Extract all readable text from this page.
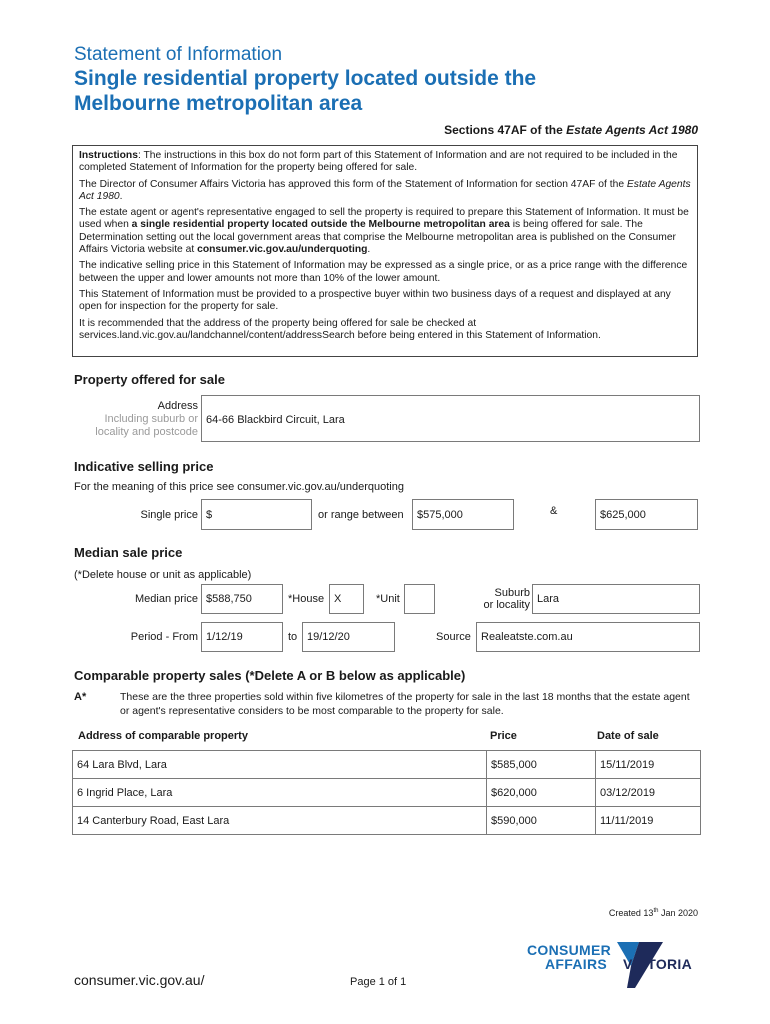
Statement of Information
Single residential property located outside the
Melbourne metropolitan area
Sections 47AF of the Estate Agents Act 1980

Instructions: The instructions in this box do not form part of this Statement of Information and are not required to be included in the completed Statement of Information for the property being offered for sale.

The Director of Consumer Affairs Victoria has approved this form of the Statement of Information for section 47AF of the Estate Agents Act 1980.

The estate agent or agent's representative engaged to sell the property is required to prepare this Statement of Information. It must be used when a single residential property located outside the Melbourne metropolitan area is being offered for sale. The Determination setting out the local government areas that comprise the Melbourne metropolitan area is published on the Consumer Affairs Victoria website at consumer.vic.gov.au/underquoting.

The indicative selling price in this Statement of Information may be expressed as a single price, or as a price range with the difference between the upper and lower amounts not more than 10% of the lower amount.

This Statement of Information must be provided to a prospective buyer within two business days of a request and displayed at any open for inspection for the property for sale.

It is recommended that the address of the property being offered for sale be checked at services.land.vic.gov.au/landchannel/content/addressSearch before being entered in this Statement of Information.

Property offered for sale
Address
Including suburb or
locality and postcode
64-66 Blackbird Circuit, Lara
Indicative selling price
For the meaning of this price see consumer.vic.gov.au/underquoting
Single price $	or range between $575,000	&	$625,000
Median sale price
(*Delete house or unit as applicable)
Median price $588,750	*House X	*Unit	Suburb
or locality Lara
Period - From 1/12/19	to 19/12/20	Source Realeatste.com.au
Comparable property sales (*Delete A or B below as applicable)
A*	These are the three properties sold within five kilometres of the property for sale in the last 18 months that the estate agent or agent's representative considers to be most comparable to the property for sale.
Address of comparable property	Price	Date of sale
64 Lara Blvd, Lara	$585,000	15/11/2019
6 Ingrid Place, Lara	$620,000	03/12/2019
14 Canterbury Road, East Lara	$590,000	11/11/2019
Created 13th Jan 2020
CONSUMER
AFFAIRS VICTORIA
consumer.vic.gov.au/	Page 1 of 1
